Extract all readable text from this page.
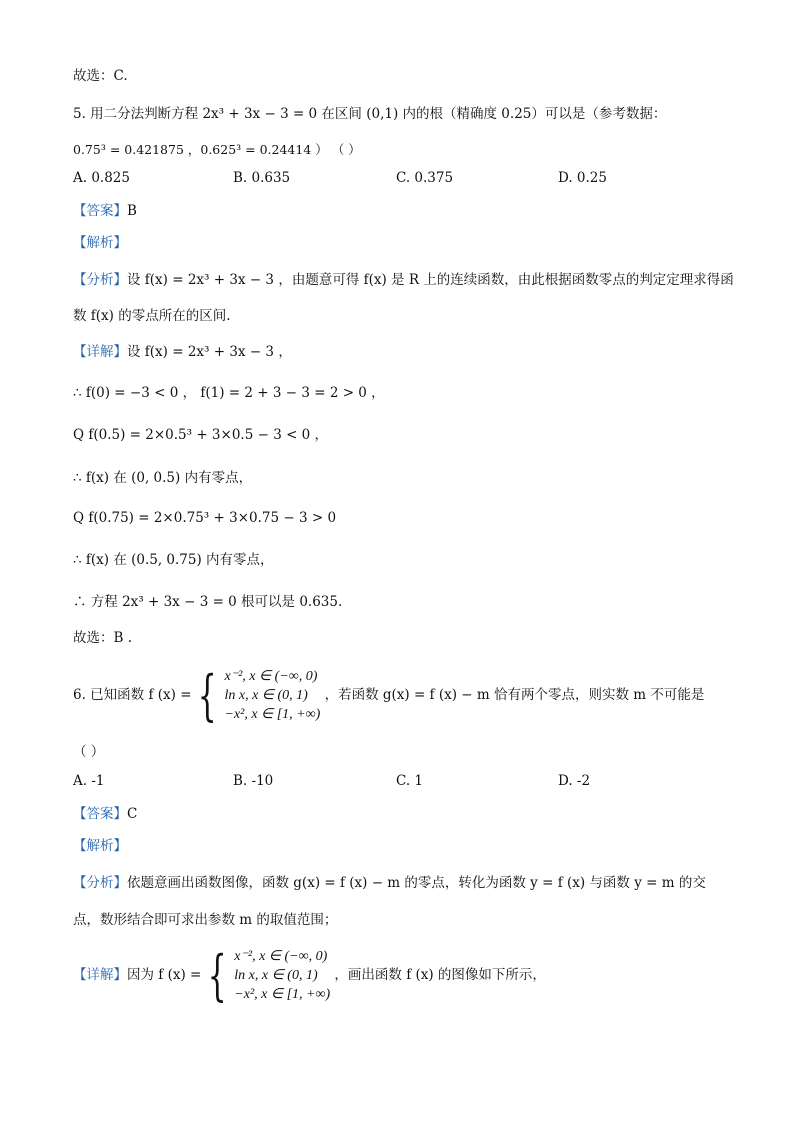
故选：C.
5. 用二分法判断方程 2x³ + 3x − 3 = 0 在区间 (0,1) 内的根（精确度 0.25）可以是（参考数据：
0.75³ = 0.421875 ，0.625³ = 0.24414 ） （ ）
A. 0.825	B. 0.635	C. 0.375	D. 0.25
【答案】B
【解析】
【分析】设 f(x) = 2x³ + 3x − 3 ，由题意可得 f(x) 是 R 上的连续函数，由此根据函数零点的判定定理求得函
数 f(x) 的零点所在的区间.
【详解】设 f(x) = 2x³ + 3x − 3 ，
∴ f(0) = −3 < 0 ， f(1) = 2 + 3 − 3 = 2 > 0 ，
Q f(0.5) = 2×0.5³ + 3×0.5 − 3 < 0 ，
∴ f(x) 在 (0, 0.5) 内有零点，
Q f(0.75) = 2×0.75³ + 3×0.75 − 3 > 0
∴ f(x) 在 (0.5, 0.75) 内有零点，
∴ 方程 2x³ + 3x − 3 = 0 根可以是 0.635.
故选：B .
6. 已知函数 f (x) = { x⁻², x ∈ (−∞, 0)
ln x, x ∈ (0, 1)
−x², x ∈ [1, +∞)
，若函数 g(x) = f (x) − m 恰有两个零点，则实数 m 不可能是
（ ）
A. -1	B. -10	C. 1	D. -2
【答案】C
【解析】
【分析】依题意画出函数图像，函数 g(x) = f (x) − m 的零点，转化为函数 y = f (x) 与函数 y = m 的交
点，数形结合即可求出参数 m 的取值范围；
【详解】因为 f (x) = { x⁻², x ∈ (−∞, 0)
ln x, x ∈ (0, 1)
−x², x ∈ [1, +∞)
，画出函数 f (x) 的图像如下所示，
